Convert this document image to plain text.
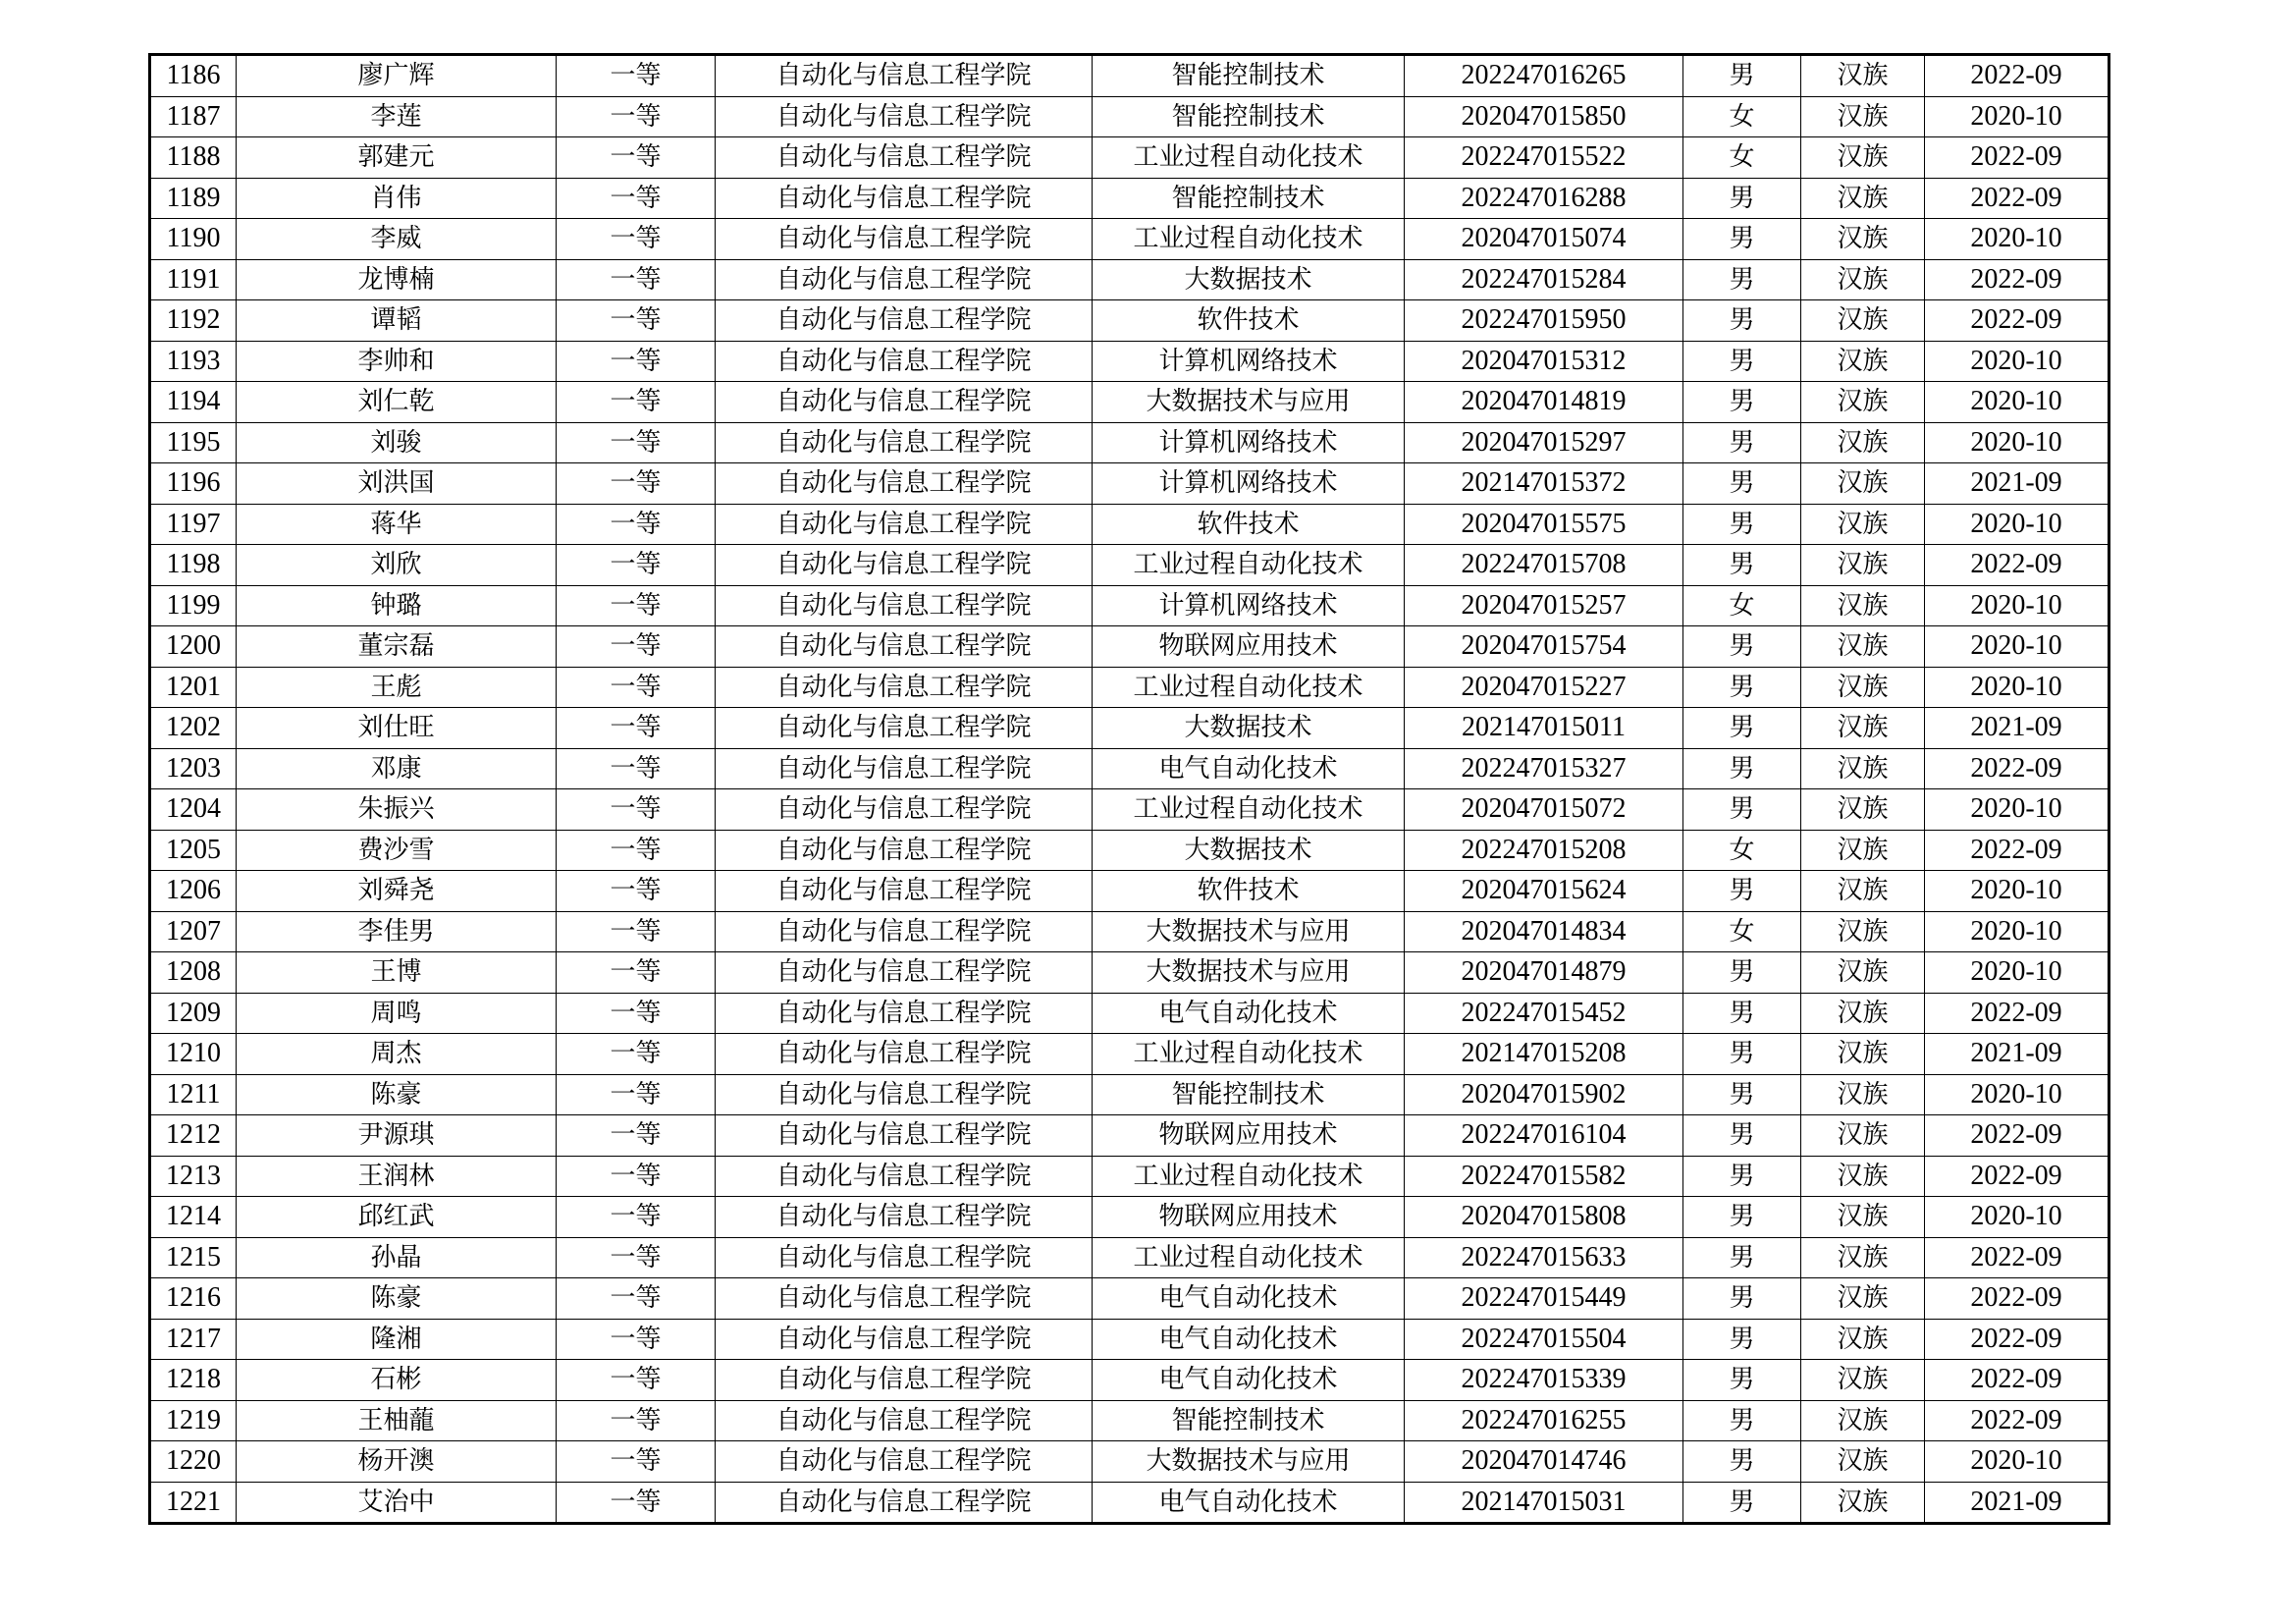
1186	廖广辉	一等	自动化与信息工程学院	智能控制技术	202247016265	男	汉族	2022-09
1187	李莲	一等	自动化与信息工程学院	智能控制技术	202047015850	女	汉族	2020-10
1188	郭建元	一等	自动化与信息工程学院	工业过程自动化技术	202247015522	女	汉族	2022-09
1189	肖伟	一等	自动化与信息工程学院	智能控制技术	202247016288	男	汉族	2022-09
1190	李威	一等	自动化与信息工程学院	工业过程自动化技术	202047015074	男	汉族	2020-10
1191	龙博楠	一等	自动化与信息工程学院	大数据技术	202247015284	男	汉族	2022-09
1192	谭韬	一等	自动化与信息工程学院	软件技术	202247015950	男	汉族	2022-09
1193	李帅和	一等	自动化与信息工程学院	计算机网络技术	202047015312	男	汉族	2020-10
1194	刘仁乾	一等	自动化与信息工程学院	大数据技术与应用	202047014819	男	汉族	2020-10
1195	刘骏	一等	自动化与信息工程学院	计算机网络技术	202047015297	男	汉族	2020-10
1196	刘洪国	一等	自动化与信息工程学院	计算机网络技术	202147015372	男	汉族	2021-09
1197	蒋华	一等	自动化与信息工程学院	软件技术	202047015575	男	汉族	2020-10
1198	刘欣	一等	自动化与信息工程学院	工业过程自动化技术	202247015708	男	汉族	2022-09
1199	钟璐	一等	自动化与信息工程学院	计算机网络技术	202047015257	女	汉族	2020-10
1200	董宗磊	一等	自动化与信息工程学院	物联网应用技术	202047015754	男	汉族	2020-10
1201	王彪	一等	自动化与信息工程学院	工业过程自动化技术	202047015227	男	汉族	2020-10
1202	刘仕旺	一等	自动化与信息工程学院	大数据技术	202147015011	男	汉族	2021-09
1203	邓康	一等	自动化与信息工程学院	电气自动化技术	202247015327	男	汉族	2022-09
1204	朱振兴	一等	自动化与信息工程学院	工业过程自动化技术	202047015072	男	汉族	2020-10
1205	费沙雪	一等	自动化与信息工程学院	大数据技术	202247015208	女	汉族	2022-09
1206	刘舜尧	一等	自动化与信息工程学院	软件技术	202047015624	男	汉族	2020-10
1207	李佳男	一等	自动化与信息工程学院	大数据技术与应用	202047014834	女	汉族	2020-10
1208	王博	一等	自动化与信息工程学院	大数据技术与应用	202047014879	男	汉族	2020-10
1209	周鸣	一等	自动化与信息工程学院	电气自动化技术	202247015452	男	汉族	2022-09
1210	周杰	一等	自动化与信息工程学院	工业过程自动化技术	202147015208	男	汉族	2021-09
1211	陈豪	一等	自动化与信息工程学院	智能控制技术	202047015902	男	汉族	2020-10
1212	尹源琪	一等	自动化与信息工程学院	物联网应用技术	202247016104	男	汉族	2022-09
1213	王润林	一等	自动化与信息工程学院	工业过程自动化技术	202247015582	男	汉族	2022-09
1214	邱红武	一等	自动化与信息工程学院	物联网应用技术	202047015808	男	汉族	2020-10
1215	孙晶	一等	自动化与信息工程学院	工业过程自动化技术	202247015633	男	汉族	2022-09
1216	陈豪	一等	自动化与信息工程学院	电气自动化技术	202247015449	男	汉族	2022-09
1217	隆湘	一等	自动化与信息工程学院	电气自动化技术	202247015504	男	汉族	2022-09
1218	石彬	一等	自动化与信息工程学院	电气自动化技术	202247015339	男	汉族	2022-09
1219	王柚蘢	一等	自动化与信息工程学院	智能控制技术	202247016255	男	汉族	2022-09
1220	杨开澳	一等	自动化与信息工程学院	大数据技术与应用	202047014746	男	汉族	2020-10
1221	艾治中	一等	自动化与信息工程学院	电气自动化技术	202147015031	男	汉族	2021-09
